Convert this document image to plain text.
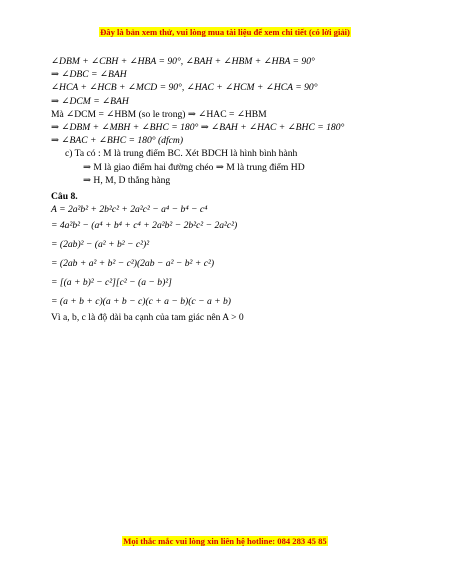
Đây là bản xem thử, vui lòng mua tài liệu để xem chi tiết (có lời giải)
∠DBM + ∠CBH + ∠HBA = 90°, ∠BAH + ∠HBM + ∠HBA = 90°
⇒ ∠DBC = ∠BAH
∠HCA + ∠HCB + ∠MCD = 90°, ∠HAC + ∠HCM + ∠HCA = 90°
⇒ ∠DCM = ∠BAH
Mà ∠DCM = ∠HBM (so le trong) ⇒ ∠HAC = ∠HBM
⇒ ∠DBM + ∠MBH + ∠BHC = 180° ⇒ ∠BAH + ∠HAC + ∠BHC = 180°
⇒ ∠BAC + ∠BHC = 180° (dfcm)
c) Ta có : M là trung điểm BC. Xét BDCH là hình bình hành
⇒ M là giao điểm hai đường chéo ⇒ M là trung điểm HD
⇒ H, M, D thẳng hàng
Câu 8.
A = 2a²b² + 2b²c² + 2a²c² − a⁴ − b⁴ − c⁴
= 4a²b² − (a⁴ + b⁴ + c⁴ + 2a²b² − 2b²c² − 2a²c²)
= (2ab)² − (a² + b² − c²)²
= (2ab + a² + b² − c²)(2ab − a² − b² + c²)
= [(a + b)² − c²][c² − (a − b)²]
= (a + b + c)(a + b − c)(c + a − b)(c − a + b)
Vì a, b, c là độ dài ba cạnh của tam giác nên A > 0
Mọi thắc mắc vui lòng xin liên hệ hotline: 084 283 45 85
